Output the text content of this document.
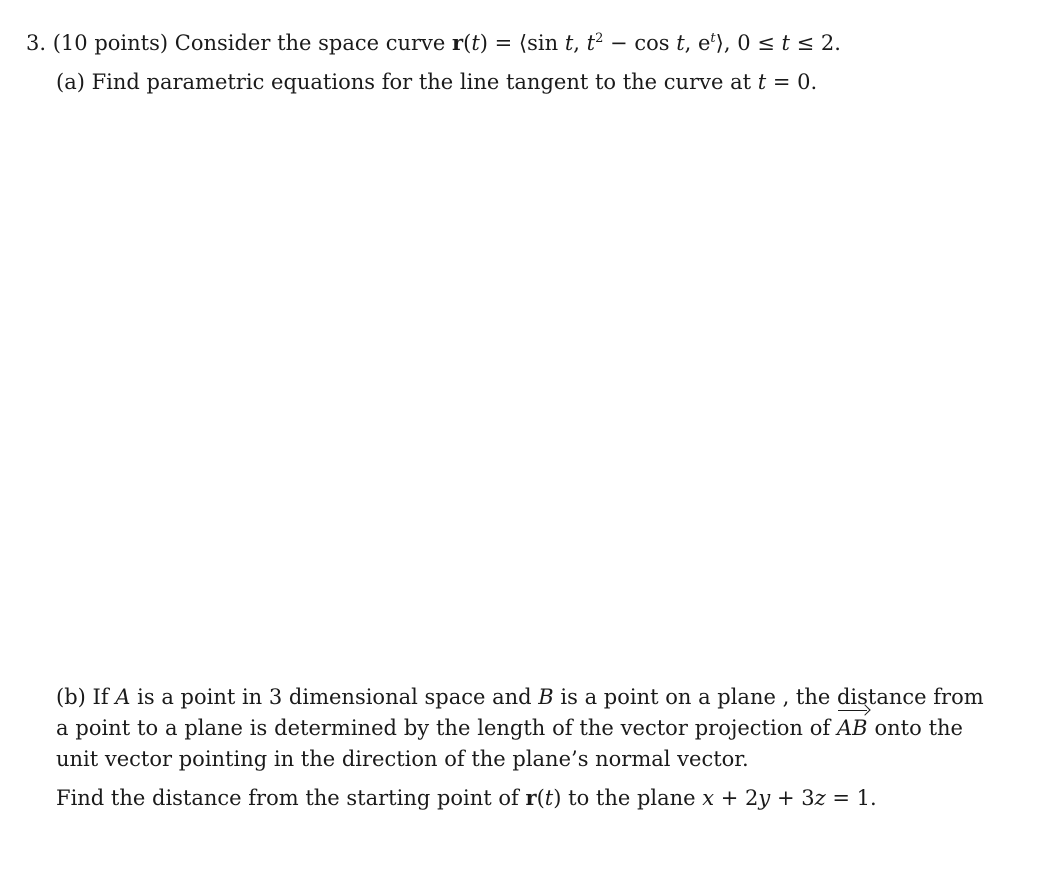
3. (10 points) Consider the space curve r(t) = ⟨sin t, $t^2 - \cos t$, $e^t⟩$, 0 ≤ t ≤ 2.
(a) Find parametric equations for the line tangent to the curve at t = 0.
(b) If A is a point in 3 dimensional space and B is a point on a plane , the distance from
a point to a plane is determined by the length of the vector projection of AB onto the
unit vector pointing in the direction of the plane’s normal vector.
Find the distance from the starting point of r(t) to the plane x + 2y + 3z = 1.
